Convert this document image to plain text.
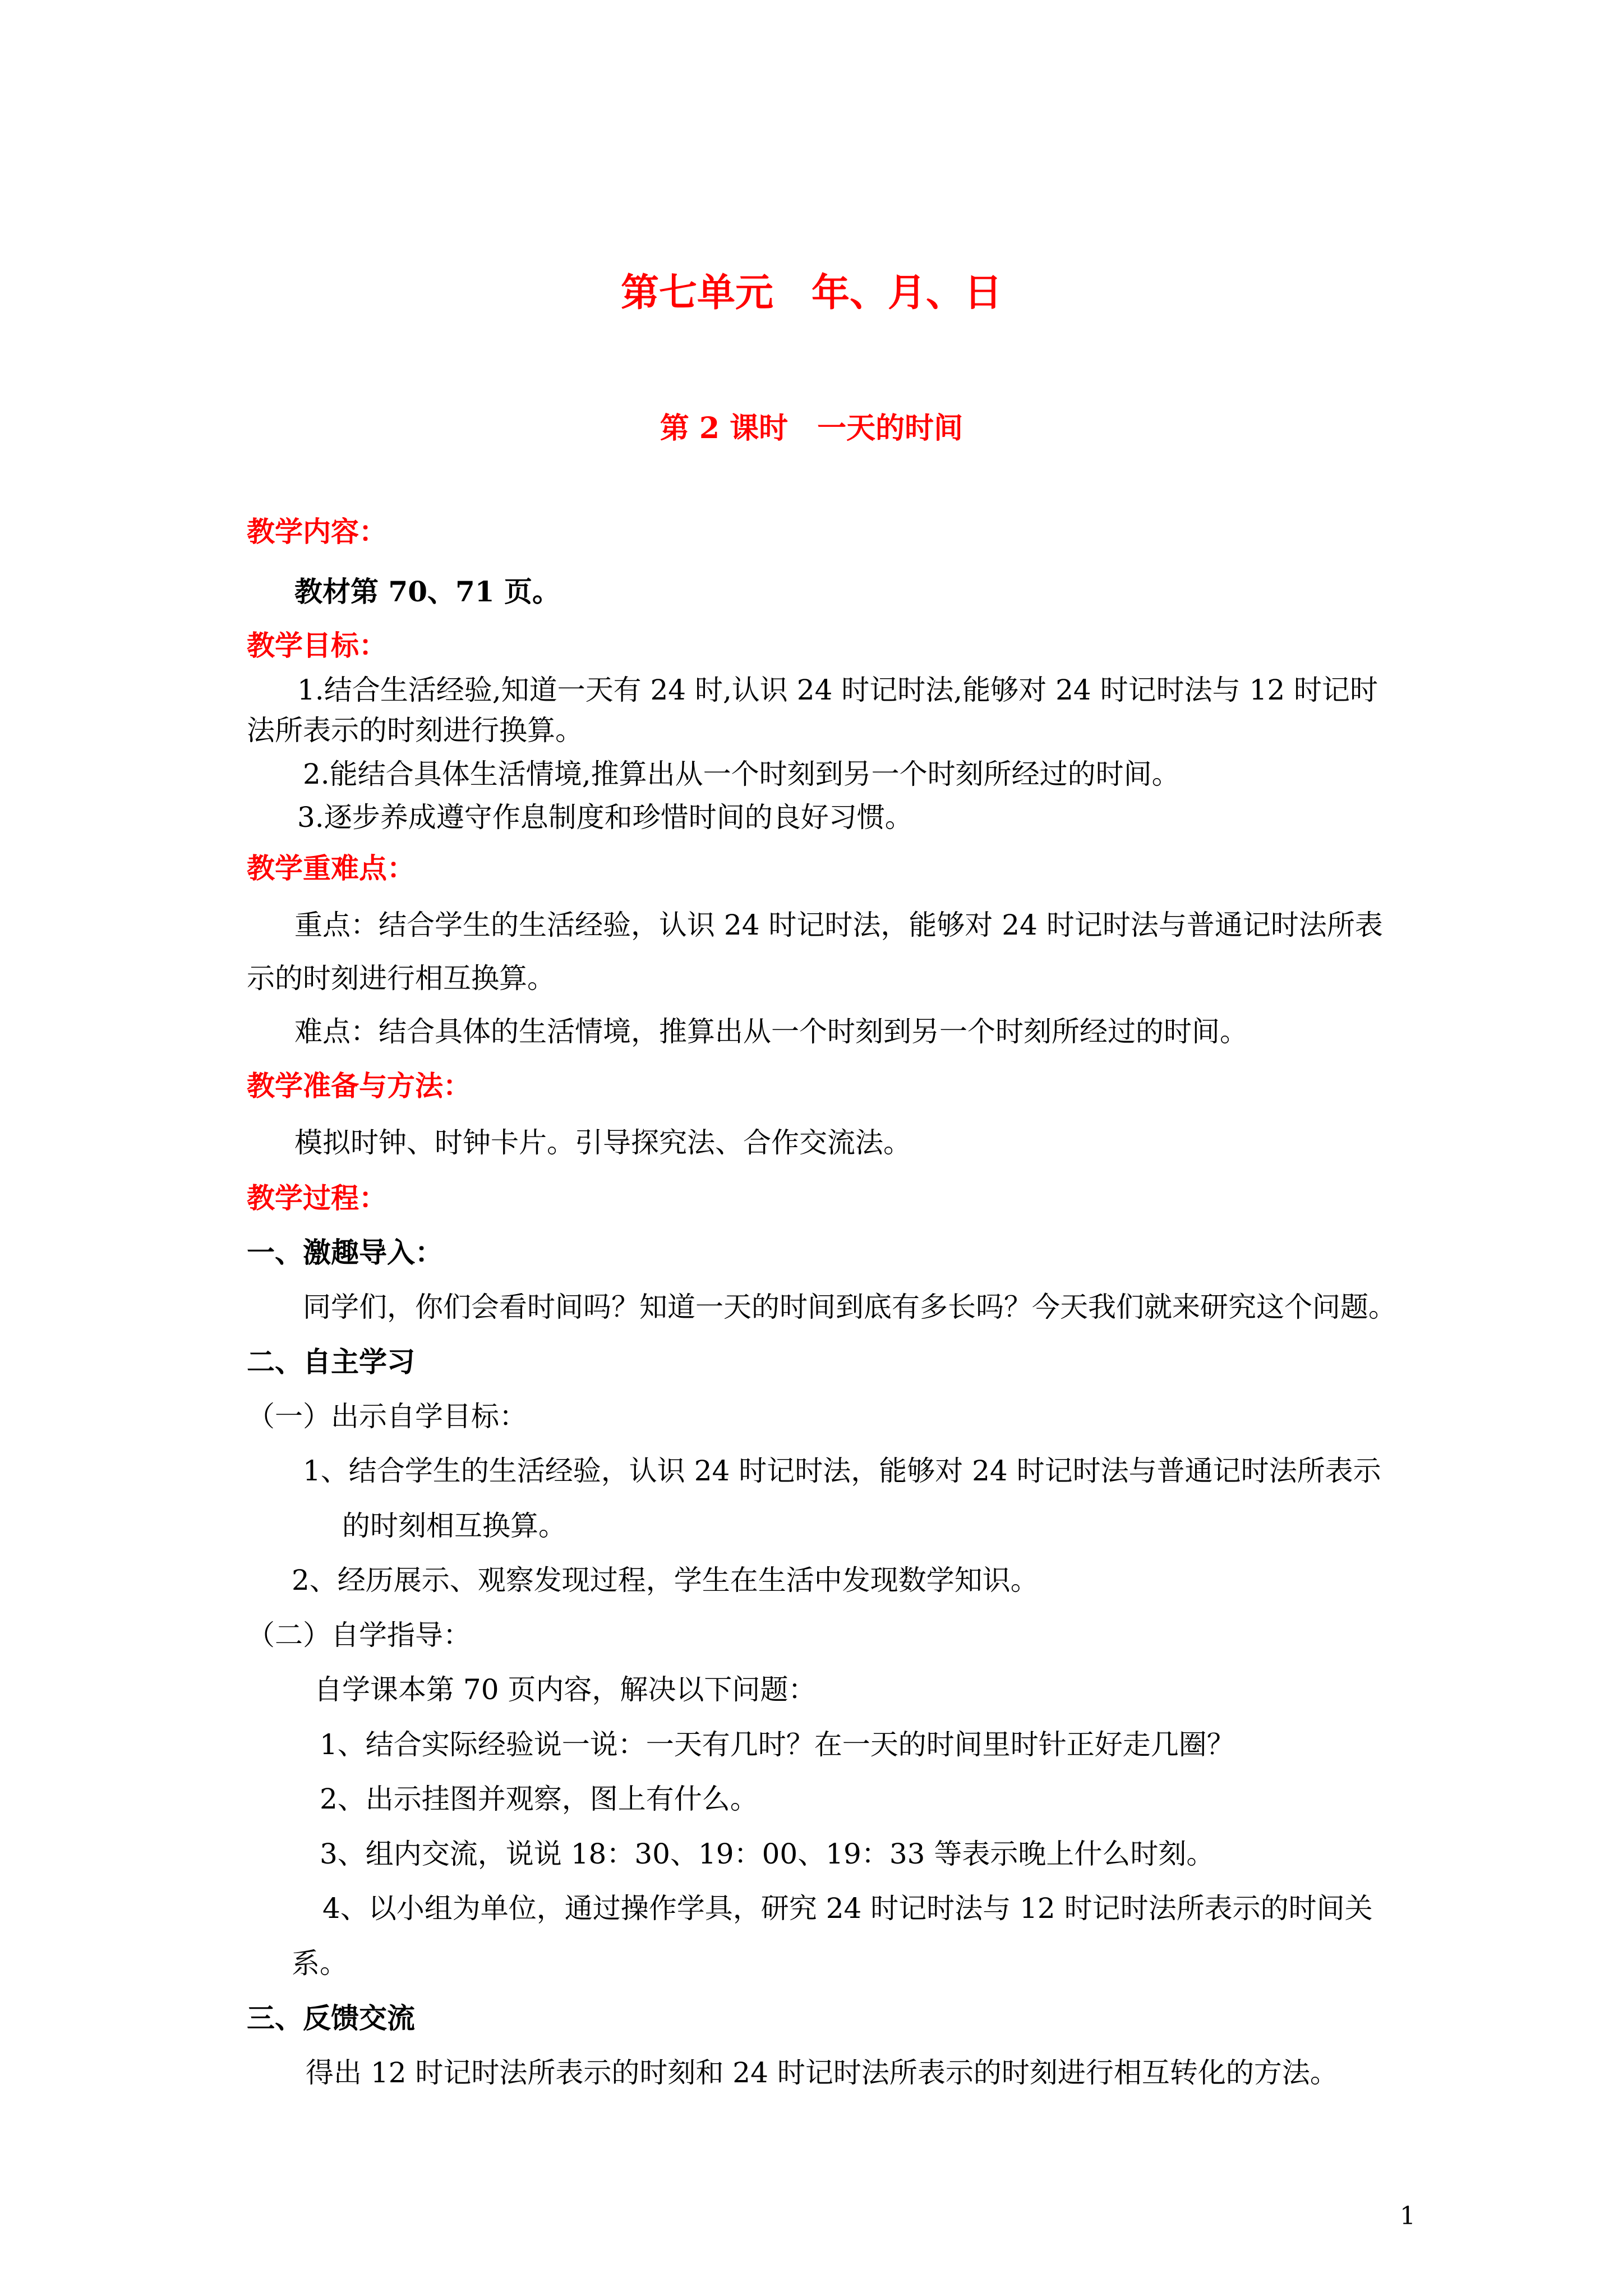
第七单元　年、月、日
第 2 课时　一天的时间
教学内容：
教材第 70、71 页。
教学目标：
1.结合生活经验,知道一天有 24 时,认识 24 时记时法,能够对 24 时记时法与 12 时记时
法所表示的时刻进行换算。
2.能结合具体生活情境,推算出从一个时刻到另一个时刻所经过的时间。
3.逐步养成遵守作息制度和珍惜时间的良好习惯。
教学重难点：
重点：结合学生的生活经验，认识 24 时记时法，能够对 24 时记时法与普通记时法所表
示的时刻进行相互换算。
难点：结合具体的生活情境，推算出从一个时刻到另一个时刻所经过的时间。
教学准备与方法：
模拟时钟、时钟卡片。引导探究法、合作交流法。
教学过程：
一、激趣导入：
同学们，你们会看时间吗？知道一天的时间到底有多长吗？今天我们就来研究这个问题。
二、自主学习
（一）出示自学目标：
1、结合学生的生活经验，认识 24 时记时法，能够对 24 时记时法与普通记时法所表示
的时刻相互换算。
2、经历展示、观察发现过程，学生在生活中发现数学知识。
（二）自学指导：
自学课本第 70 页内容，解决以下问题：
1、结合实际经验说一说：一天有几时？在一天的时间里时针正好走几圈？
2、出示挂图并观察，图上有什么。
3、组内交流，说说 18：30、19：00、19：33 等表示晚上什么时刻。
4、以小组为单位，通过操作学具，研究 24 时记时法与 12 时记时法所表示的时间关
系。
三、反馈交流
得出 12 时记时法所表示的时刻和 24 时记时法所表示的时刻进行相互转化的方法。
1
